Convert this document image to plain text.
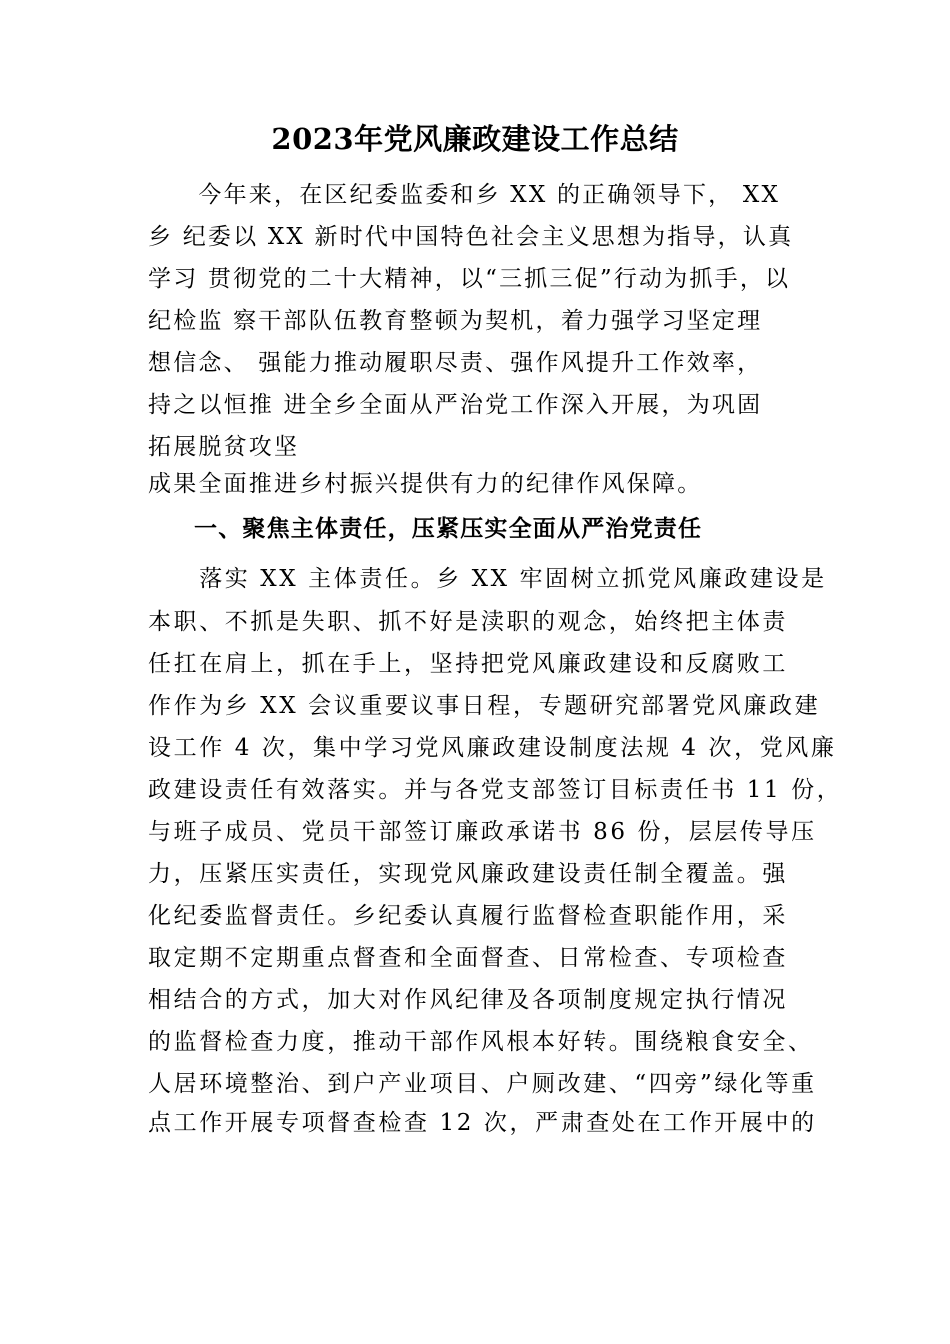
2023年党风廉政建设工作总结
　　今年来，在区纪委监委和乡 XX 的正确领导下， XX
乡 纪委以 XX 新时代中国特色社会主义思想为指导，认真
学习 贯彻党的二十大精神，以“三抓三促”行动为抓手，以
纪检监 察干部队伍教育整顿为契机，着力强学习坚定理
想信念、 强能力推动履职尽责、强作风提升工作效率，
持之以恒推 进全乡全面从严治党工作深入开展，为巩固
拓展脱贫攻坚
成果全面推进乡村振兴提供有力的纪律作风保障。
一、聚焦主体责任，压紧压实全面从严治党责任
　　落实 XX 主体责任。乡 XX 牢固树立抓党风廉政建设是
本职、不抓是失职、抓不好是渎职的观念，始终把主体责
任扛在肩上，抓在手上，坚持把党风廉政建设和反腐败工
作作为乡 XX 会议重要议事日程，专题研究部署党风廉政建
设工作 4 次，集中学习党风廉政建设制度法规 4 次，党风廉
政建设责任有效落实。并与各党支部签订目标责任书 11 份，
与班子成员、党员干部签订廉政承诺书 86 份，层层传导压
力，压紧压实责任，实现党风廉政建设责任制全覆盖。强
化纪委监督责任。乡纪委认真履行监督检查职能作用，采
取定期不定期重点督查和全面督查、日常检查、专项检查
相结合的方式，加大对作风纪律及各项制度规定执行情况
的监督检查力度，推动干部作风根本好转。围绕粮食安全、
人居环境整治、到户产业项目、户厕改建、“四旁”绿化等重
点工作开展专项督查检查 12 次，严肃查处在工作开展中的
